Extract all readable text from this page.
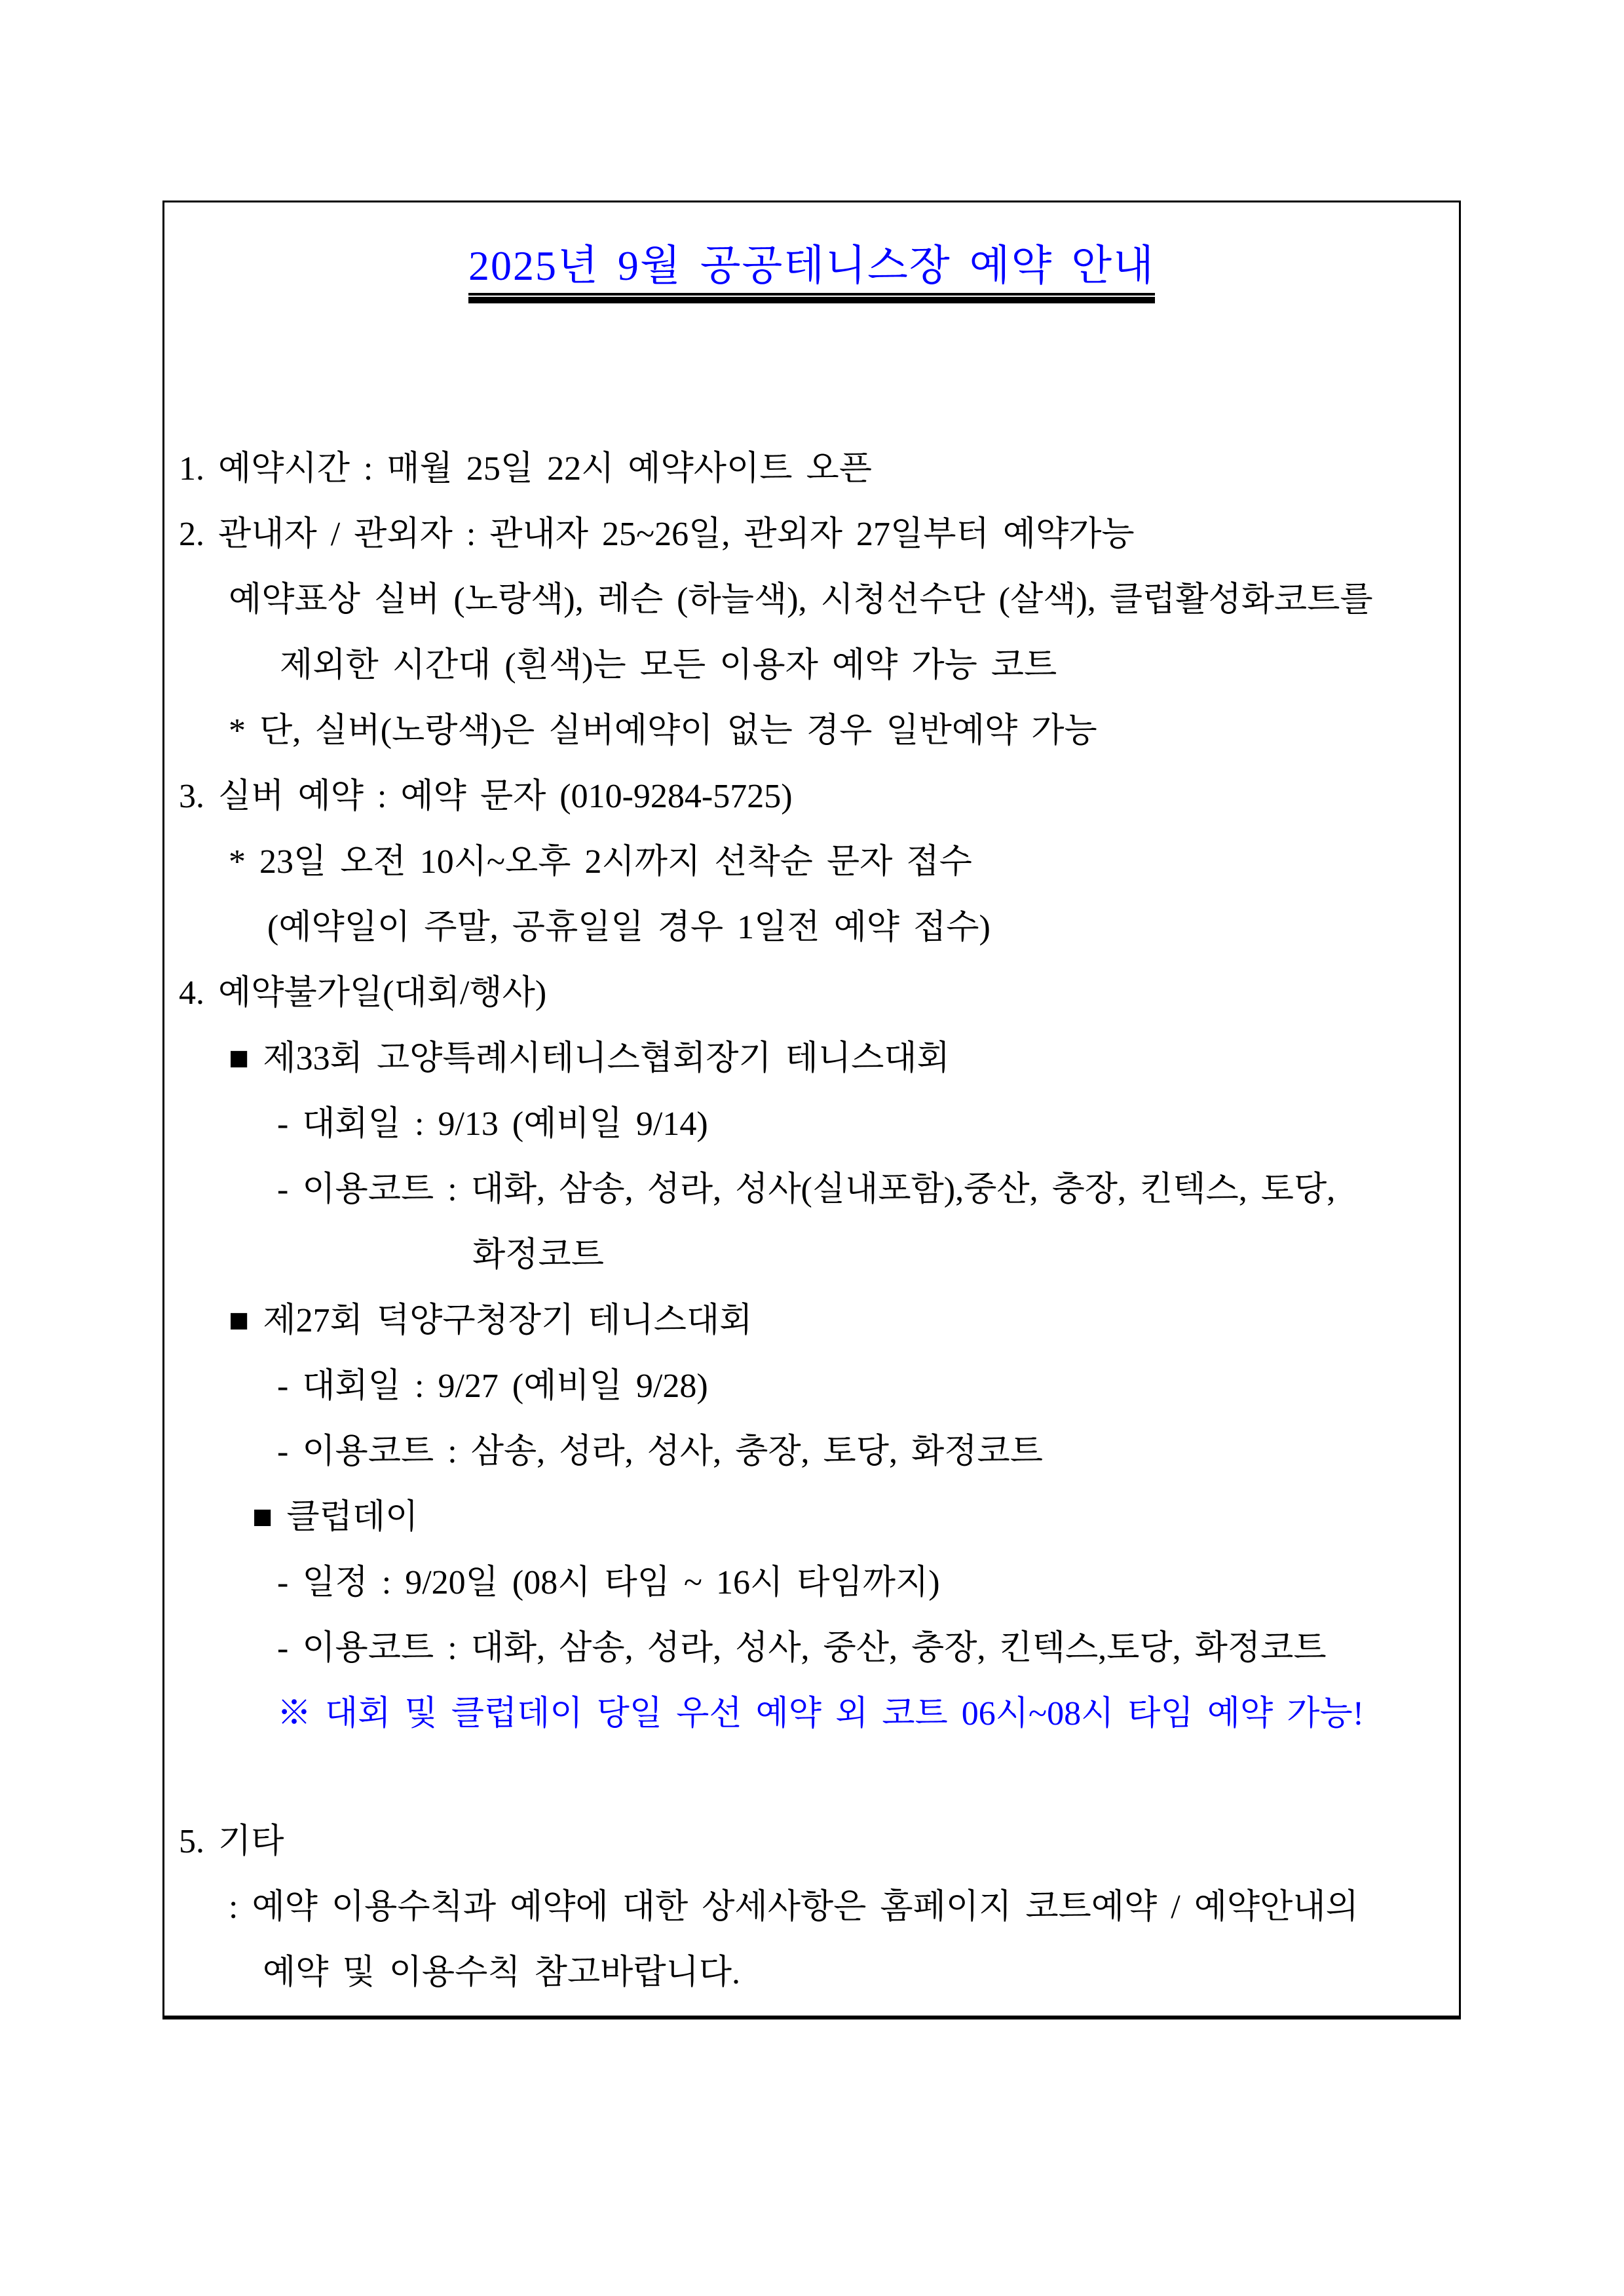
2025년 9월 공공테니스장 예약 안내
1. 예약시간 : 매월 25일 22시 예약사이트 오픈
2. 관내자 / 관외자 : 관내자 25~26일, 관외자 27일부터 예약가능
예약표상 실버 (노랑색), 레슨 (하늘색), 시청선수단 (살색), 클럽활성화코트를
제외한 시간대 (흰색)는 모든 이용자 예약 가능 코트
* 단, 실버(노랑색)은 실버예약이 없는 경우 일반예약 가능
3. 실버 예약 : 예약 문자 (010-9284-5725)
* 23일 오전 10시~오후 2시까지 선착순 문자 접수
(예약일이 주말, 공휴일일 경우 1일전 예약 접수)
4. 예약불가일(대회/행사)
■ 제33회 고양특례시테니스협회장기 테니스대회
- 대회일 : 9/13 (예비일 9/14)
- 이용코트 : 대화, 삼송, 성라, 성사(실내포함),중산, 충장, 킨텍스, 토당,
화정코트
■ 제27회 덕양구청장기 테니스대회
- 대회일 : 9/27 (예비일 9/28)
- 이용코트 : 삼송, 성라, 성사, 충장, 토당, 화정코트
■ 클럽데이
- 일정 : 9/20일 (08시 타임 ~ 16시 타임까지)
- 이용코트 : 대화, 삼송, 성라, 성사, 중산, 충장, 킨텍스,토당, 화정코트
※ 대회 및 클럽데이 당일 우선 예약 외 코트 06시~08시 타임 예약 가능!
5. 기타
: 예약 이용수칙과 예약에 대한 상세사항은 홈페이지 코트예약 / 예약안내의
예약 및 이용수칙 참고바랍니다.
